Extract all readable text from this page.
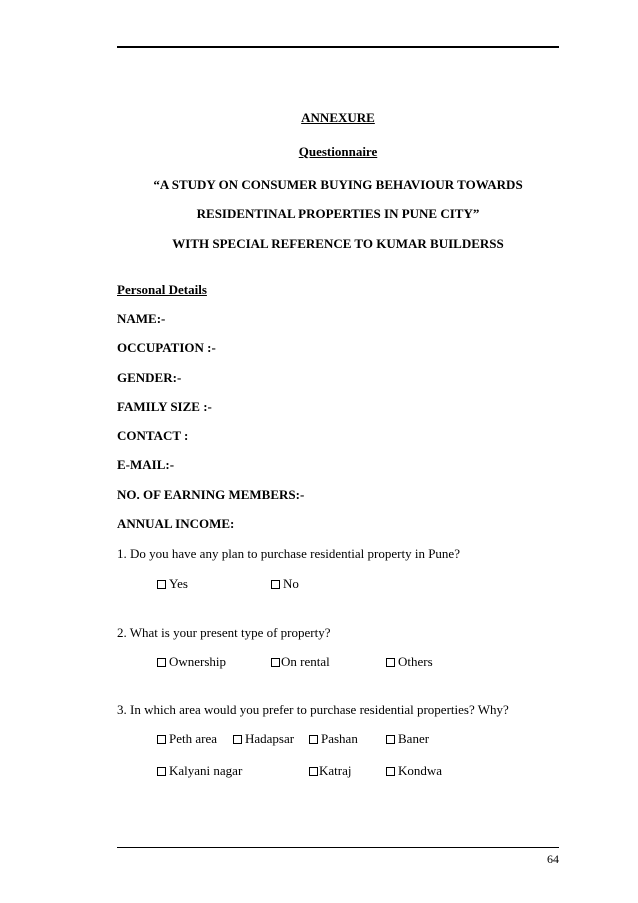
ANNEXURE
Questionnaire
“A STUDY ON CONSUMER BUYING BEHAVIOUR TOWARDS
RESIDENTINAL PROPERTIES IN PUNE CITY”
WITH SPECIAL REFERENCE TO KUMAR BUILDERSS
Personal Details
NAME:-
OCCUPATION :-
GENDER:-
FAMILY SIZE :-
CONTACT :
E-MAIL:-
NO. OF EARNING MEMBERS:-
ANNUAL INCOME:
1. Do you have any plan to purchase residential property in Pune?
Yes	No
2. What is your present type of property?
Ownership	On rental	Others
3. In which area would you prefer to purchase residential properties? Why?
Peth area	Hadapsar	Pashan	Baner
Kalyani nagar	Katraj	Kondwa
64
